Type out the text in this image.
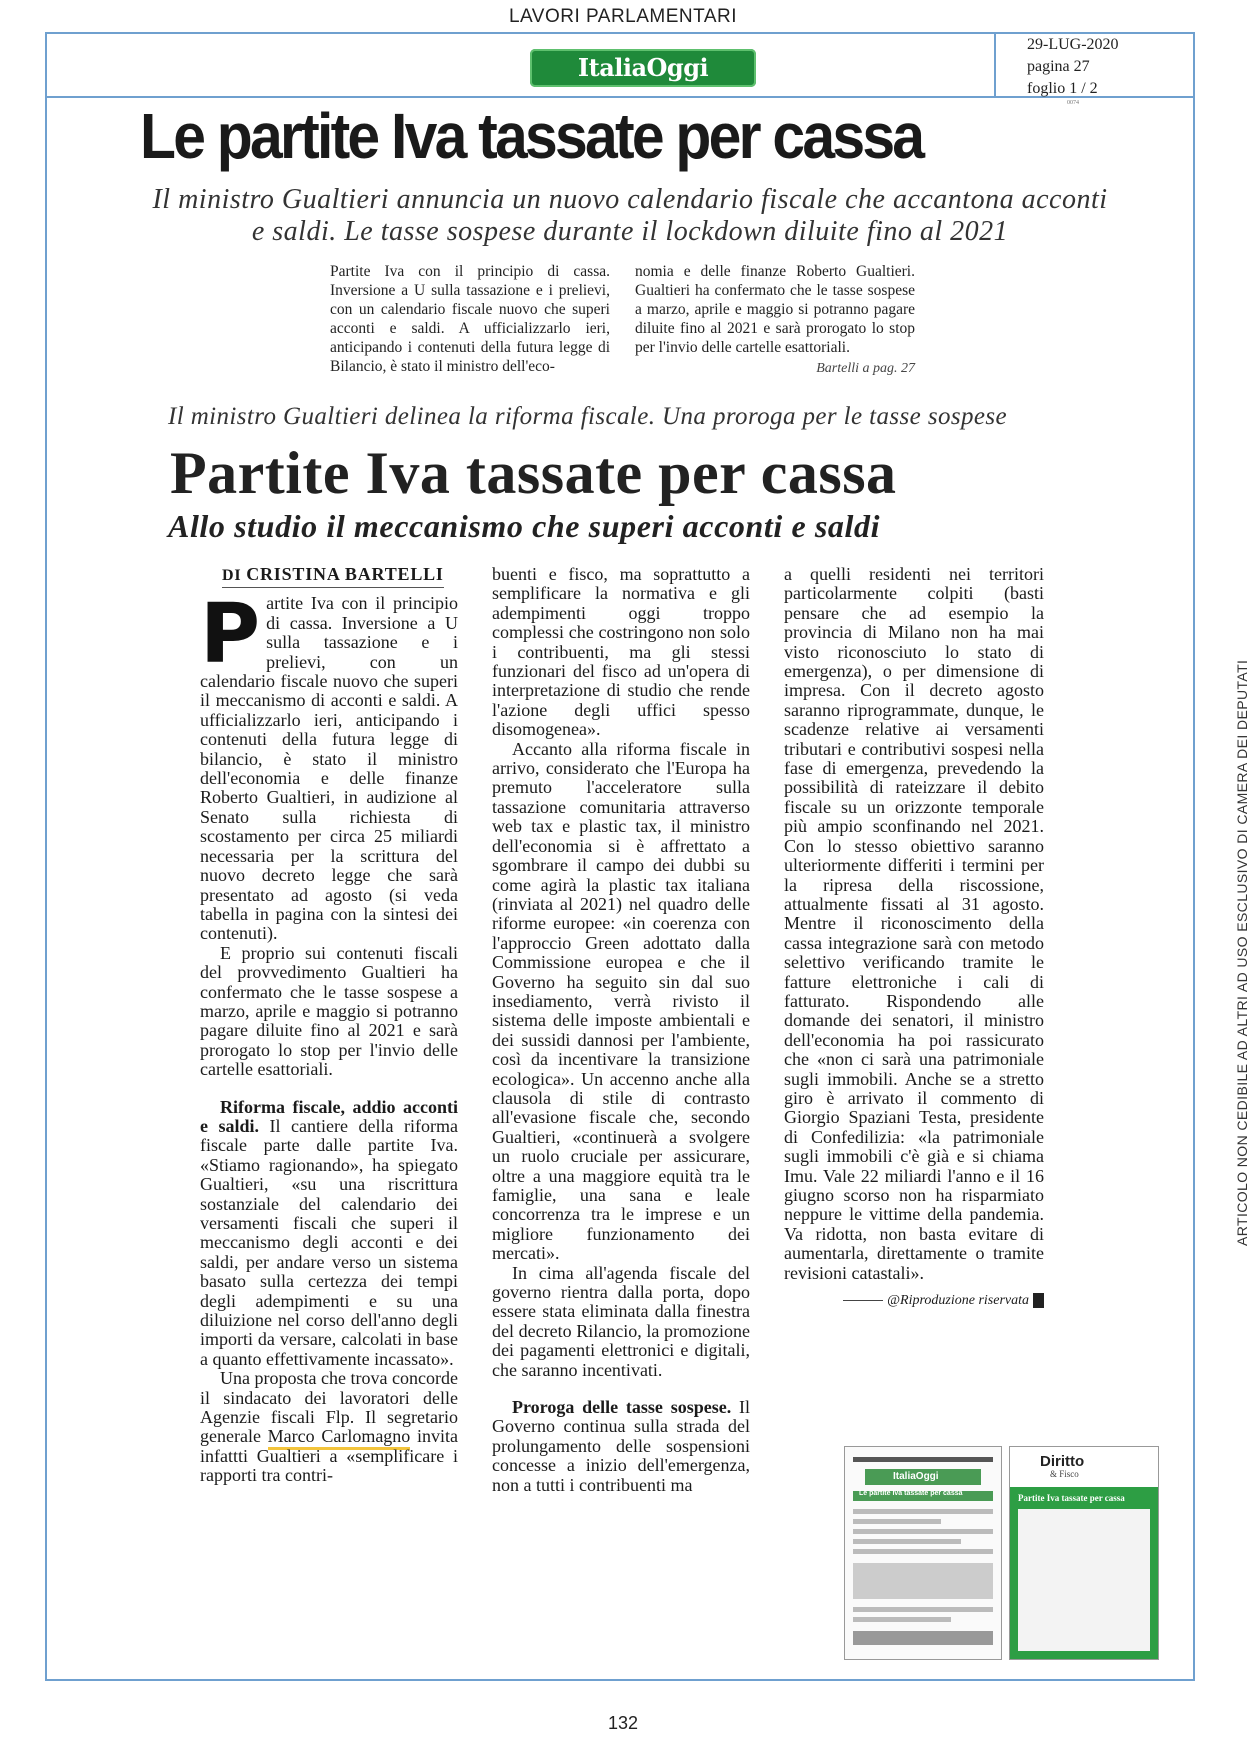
LAVORI PARLAMENTARI
ItaliaOggi
29-LUG-2020
pagina 27
foglio 1 / 2
0074
ARTICOLO NON CEDIBILE AD ALTRI AD USO ESCLUSIVO DI CAMERA DEI DEPUTATI
Le partite Iva tassate per cassa
Il ministro Gualtieri annuncia un nuovo calendario fiscale che accantona acconti e saldi. Le tasse sospese durante il lockdown diluite fino al 2021
Partite Iva con il principio di cassa. Inversione a U sulla tassazione e i prelievi, con un calendario fiscale nuovo che superi acconti e saldi. A ufficializzarlo ieri, anticipando i contenuti della futura legge di Bilancio, è stato il ministro dell'eco-
nomia e delle finanze Roberto Gualtieri. Gualtieri ha confermato che le tasse sospese a marzo, aprile e maggio si potranno pagare diluite fino al 2021 e sarà prorogato lo stop per l'invio delle cartelle esattoriali.
Bartelli a pag. 27
Il ministro Gualtieri delinea la riforma fiscale. Una proroga per le tasse sospese
Partite Iva tassate per cassa
Allo studio il meccanismo che superi acconti e saldi
DI CRISTINA BARTELLI

Partite Iva con il principio di cassa. Inversione a U sulla tassazione e i prelievi, con un calendario fiscale nuovo che superi il meccanismo di acconti e saldi. A ufficializzarlo ieri, anticipando i contenuti della futura legge di bilancio, è stato il ministro dell'economia e delle finanze Roberto Gualtieri, in audizione al Senato sulla richiesta di scostamento per circa 25 miliardi necessaria per la scrittura del nuovo decreto legge che sarà presentato ad agosto (si veda tabella in pagina con la sintesi dei contenuti).

E proprio sui contenuti fiscali del provvedimento Gualtieri ha confermato che le tasse sospese a marzo, aprile e maggio si potranno pagare diluite fino al 2021 e sarà prorogato lo stop per l'invio delle cartelle esattoriali.

Riforma fiscale, addio acconti e saldi. Il cantiere della riforma fiscale parte dalle partite Iva. «Stiamo ragionando», ha spiegato Gualtieri, «su una riscrittura sostanziale del calendario dei versamenti fiscali che superi il meccanismo degli acconti e dei saldi, per andare verso un sistema basato sulla certezza dei tempi degli adempimenti e su una diluizione nel corso dell'anno degli importi da versare, calcolati in base a quanto effettivamente incassato».

Una proposta che trova concorde il sindacato dei lavoratori delle Agenzie fiscali Flp. Il segretario generale Marco Carlomagno invita infattti Gualtieri a «semplificare i rapporti tra contri-

buenti e fisco, ma soprattutto a semplificare la normativa e gli adempimenti oggi troppo complessi che costringono non solo i contribuenti, ma gli stessi funzionari del fisco ad un'opera di interpretazione di studio che rende l'azione degli uffici spesso disomogenea».

Accanto alla riforma fiscale in arrivo, considerato che l'Europa ha premuto l'acceleratore sulla tassazione comunitaria attraverso web tax e plastic tax, il ministro dell'economia si è affrettato a sgombrare il campo dei dubbi su come agirà la plastic tax italiana (rinviata al 2021) nel quadro delle riforme europee: «in coerenza con l'approccio Green adottato dalla Commissione europea e che il Governo ha seguito sin dal suo insediamento, verrà rivisto il sistema delle imposte ambientali e dei sussidi dannosi per l'ambiente, così da incentivare la transizione ecologica». Un accenno anche alla clausola di stile di contrasto all'evasione fiscale che, secondo Gualtieri, «continuerà a svolgere un ruolo cruciale per assicurare, oltre a una maggiore equità tra le famiglie, una sana e leale concorrenza tra le imprese e un migliore funzionamento dei mercati».

In cima all'agenda fiscale del governo rientra dalla porta, dopo essere stata eliminata dalla finestra del decreto Rilancio, la promozione dei pagamenti elettronici e digitali, che saranno incentivati.

Proroga delle tasse sospese. Il Governo continua sulla strada del prolungamento delle sospensioni concesse a inizio dell'emergenza, non a tutti i contribuenti ma

a quelli residenti nei territori particolarmente colpiti (basti pensare che ad esempio la provincia di Milano non ha mai visto riconosciuto lo stato di emergenza), o per dimensione di impresa. Con il decreto agosto saranno riprogrammate, dunque, le scadenze relative ai versamenti tributari e contributivi sospesi nella fase di emergenza, prevedendo la possibilità di rateizzare il debito fiscale su un orizzonte temporale più ampio sconfinando nel 2021. Con lo stesso obiettivo saranno ulteriormente differiti i termini per la ripresa della riscossione, attualmente fissati al 31 agosto. Mentre il riconoscimento della cassa integrazione sarà con metodo selettivo verificando tramite le fatture elettroniche i cali di fatturato. Rispondendo alle domande dei senatori, il ministro dell'economia ha poi rassicurato che «non ci sarà una patrimoniale sugli immobili. Anche se a stretto giro è arrivato il commento di Giorgio Spaziani Testa, presidente di Confedilizia: «la patrimoniale sugli immobili c'è già e si chiama Imu. Vale 22 miliardi l'anno e il 16 giugno scorso non ha risparmiato neppure le vittime della pandemia. Va ridotta, non basta evitare di aumentarla, direttamente o tramite revisioni catastali».

@Riproduzione riservata
ItaliaOggi
Le partite Iva tassate per cassa
Diritto
& Fisco
Partite Iva tassate per cassa
132
